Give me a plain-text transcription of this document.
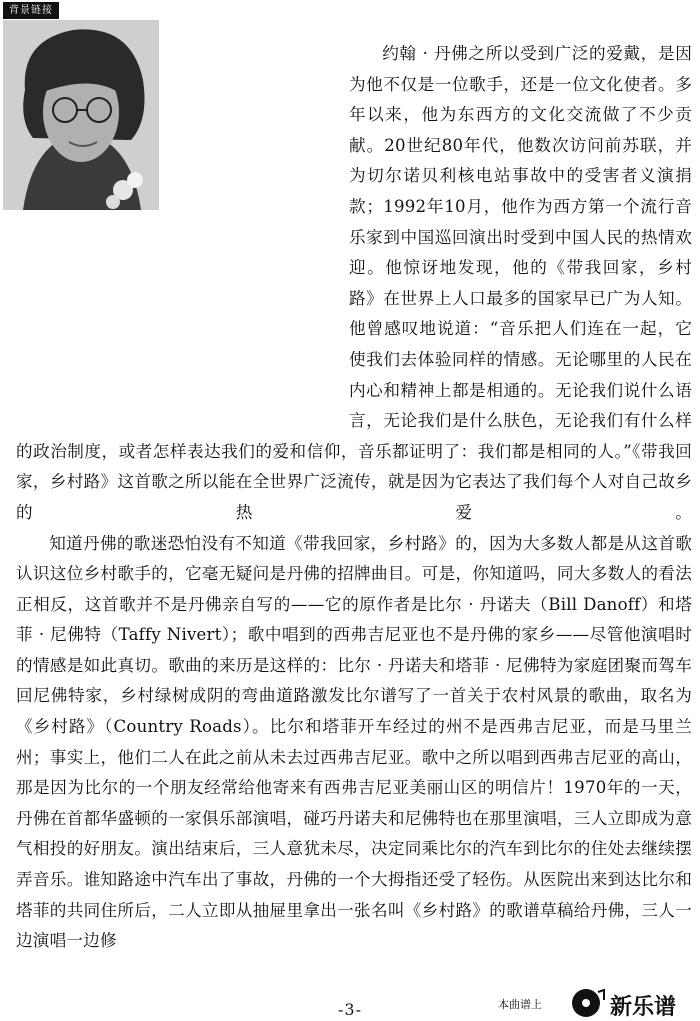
背景链接

约翰 · 丹佛之所以受到广泛的爱戴，是因为他不仅是一位歌手，还是一位文化使者。多年以来，他为东西方的文化交流做了不少贡献。20世纪80年代，他数次访问前苏联，并为切尔诺贝利核电站事故中的受害者义演捐款；1992年10月，他作为西方第一个流行音乐家到中国巡回演出时受到中国人民的热情欢迎。他惊讶地发现，他的《带我回家，乡村路》在世界上人口最多的国家早已广为人知。他曾感叹地说道：“音乐把人们连在一起，它使我们去体验同样的情感。无论哪里的人民在内心和精神上都是相通的。无论我们说什么语言，无论我们是什么肤色，无论我们有什么样的政治制度，或者怎样表达我们的爱和信仰，音乐都证明了：我们都是相同的人。”《带我回家，乡村路》这首歌之所以能在全世界广泛流传，就是因为它表达了我们每个人对自己故乡的热爱。

知道丹佛的歌迷恐怕没有不知道《带我回家，乡村路》的，因为大多数人都是从这首歌认识这位乡村歌手的，它毫无疑问是丹佛的招牌曲目。可是，你知道吗，同大多数人的看法正相反，这首歌并不是丹佛亲自写的——它的原作者是比尔 · 丹诺夫（Bill Danoff）和塔菲 · 尼佛特（Taffy Nivert）；歌中唱到的西弗吉尼亚也不是丹佛的家乡——尽管他演唱时的情感是如此真切。歌曲的来历是这样的：比尔 · 丹诺夫和塔菲 · 尼佛特为家庭团聚而驾车回尼佛特家，乡村绿树成阴的弯曲道路激发比尔谱写了一首关于农村风景的歌曲，取名为《乡村路》（Country Roads）。比尔和塔菲开车经过的州不是西弗吉尼亚，而是马里兰州；事实上，他们二人在此之前从未去过西弗吉尼亚。歌中之所以唱到西弗吉尼亚的高山，那是因为比尔的一个朋友经常给他寄来有西弗吉尼亚美丽山区的明信片！1970年的一天，丹佛在首都华盛顿的一家俱乐部演唱，碰巧丹诺夫和尼佛特也在那里演唱，三人立即成为意气相投的好朋友。演出结束后，三人意犹未尽，决定同乘比尔的汽车到比尔的住处去继续摆弄音乐。谁知路途中汽车出了事故，丹佛的一个大拇指还受了轻伤。从医院出来到达比尔和塔菲的共同住所后，二人立即从抽屉里拿出一张名叫《乡村路》的歌谱草稿给丹佛，三人一边演唱一边修

-3-	本曲谱上	新乐谱
